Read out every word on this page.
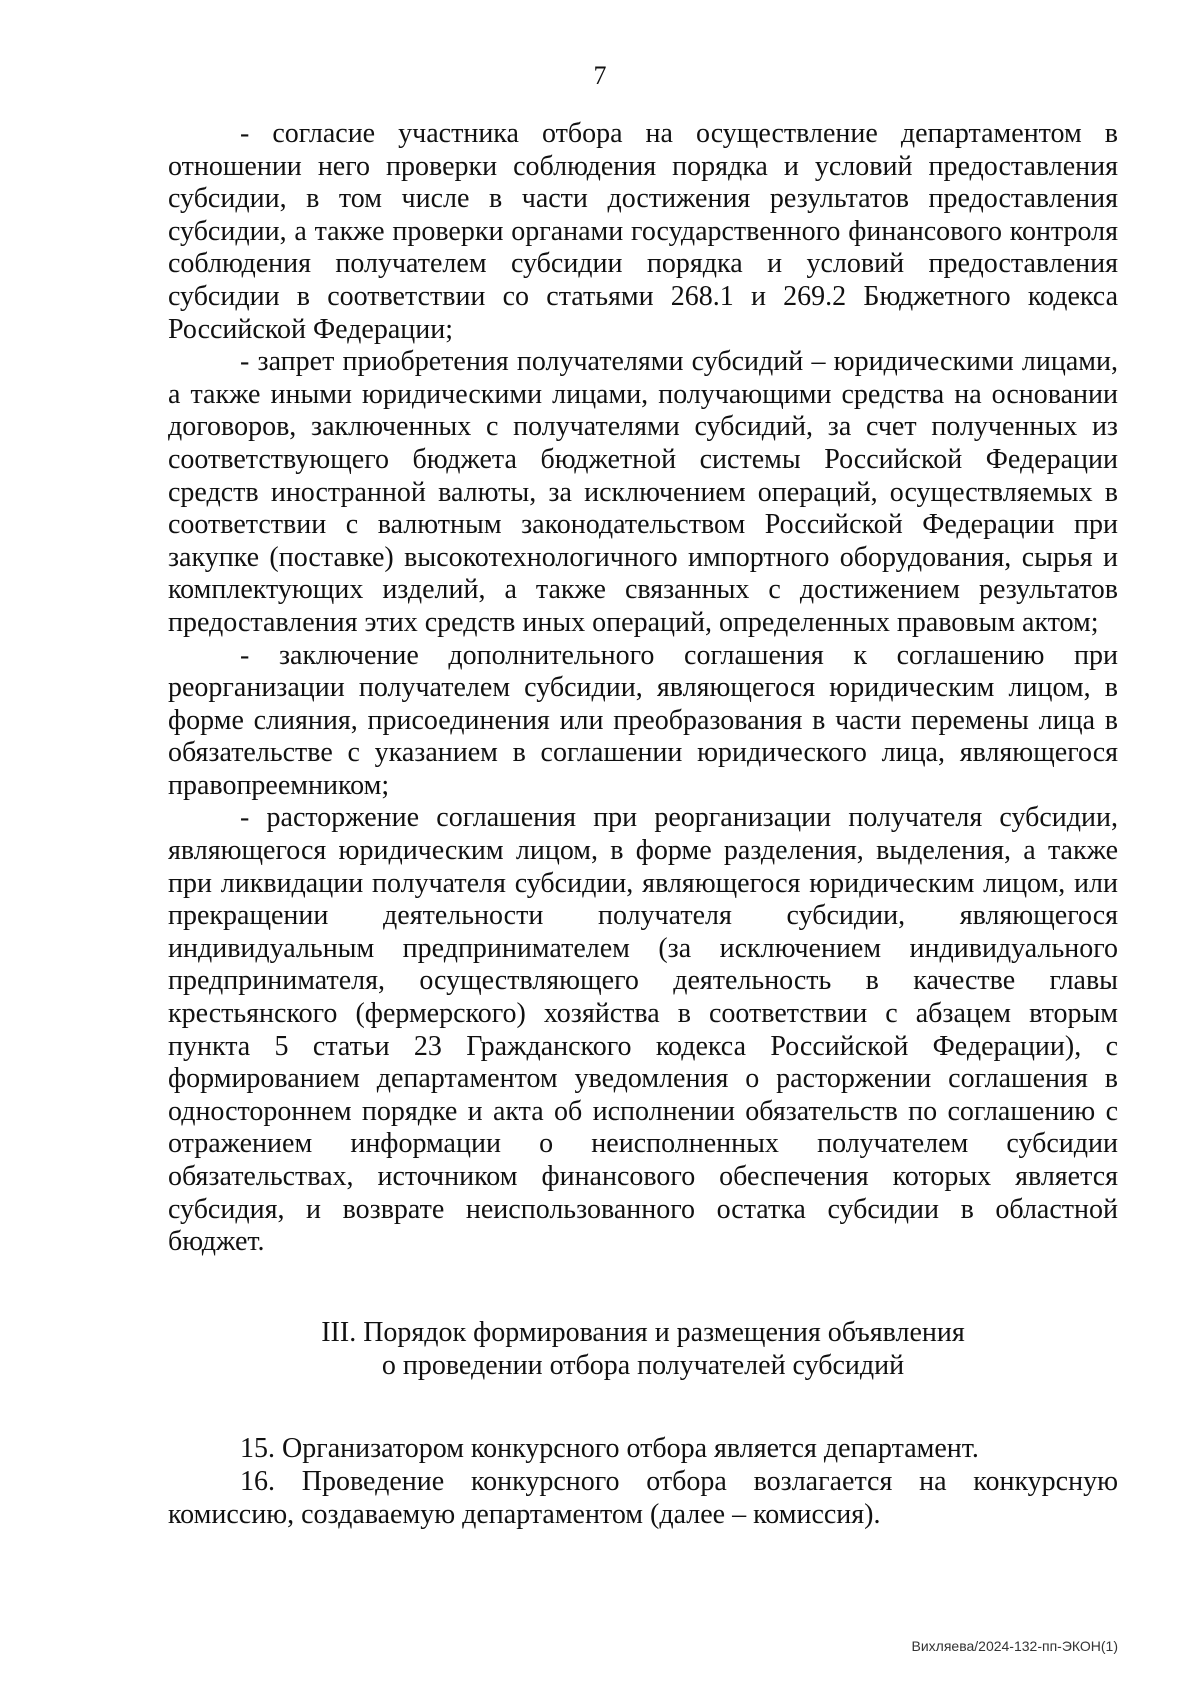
7

- согласие участника отбора на осуществление департаментом в отношении него проверки соблюдения порядка и условий предоставления субсидии, в том числе в части достижения результатов предоставления субсидии, а также проверки органами государственного финансового контроля соблюдения получателем субсидии порядка и условий предоставления субсидии в соответствии со статьями 268.1 и 269.2 Бюджетного кодекса Российской Федерации;

- запрет приобретения получателями субсидий – юридическими лицами, а также иными юридическими лицами, получающими средства на основании договоров, заключенных с получателями субсидий, за счет полученных из соответствующего бюджета бюджетной системы Российской Федерации средств иностранной валюты, за исключением операций, осуществляемых в соответствии с валютным законодательством Российской Федерации при закупке (поставке) высокотехнологичного импортного оборудования, сырья и комплектующих изделий, а также связанных с достижением результатов предоставления этих средств иных операций, определенных правовым актом;

- заключение дополнительного соглашения к соглашению при реорганизации получателем субсидии, являющегося юридическим лицом, в форме слияния, присоединения или преобразования в части перемены лица в обязательстве с указанием в соглашении юридического лица, являющегося правопреемником;

- расторжение соглашения при реорганизации получателя субсидии, являющегося юридическим лицом, в форме разделения, выделения, а также при ликвидации получателя субсидии, являющегося юридическим лицом, или прекращении деятельности получателя субсидии, являющегося индивидуальным предпринимателем (за исключением индивидуального предпринимателя, осуществляющего деятельность в качестве главы крестьянского (фермерского) хозяйства в соответствии с абзацем вторым пункта 5 статьи 23 Гражданского кодекса Российской Федерации), с формированием департаментом уведомления о расторжении соглашения в одностороннем порядке и акта об исполнении обязательств по соглашению с отражением информации о неисполненных получателем субсидии обязательствах, источником финансового обеспечения которых является субсидия, и возврате неиспользованного остатка субсидии в областной бюджет.

III. Порядок формирования и размещения объявления
о проведении отбора получателей субсидий

15. Организатором конкурсного отбора является департамент.

16. Проведение конкурсного отбора возлагается на конкурсную комиссию, создаваемую департаментом (далее – комиссия).

Вихляева/2024-132-пп-ЭКОН(1)
